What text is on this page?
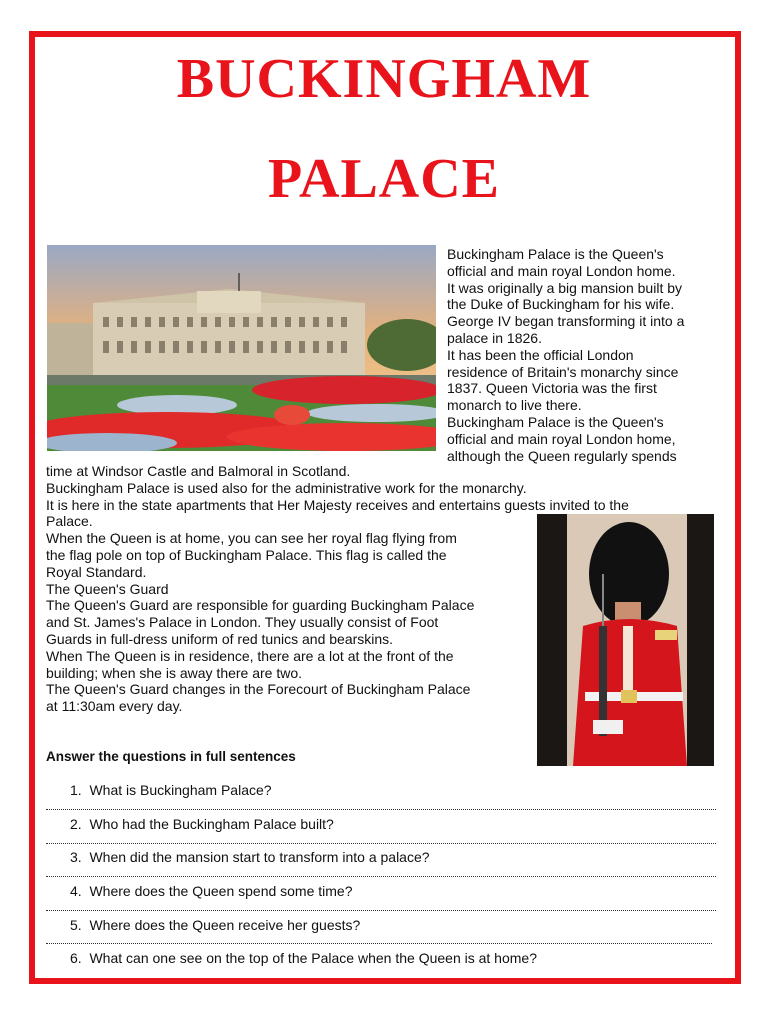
BUCKINGHAM
PALACE
Buckingham Palace is the Queen's
official and main royal London home.
It was originally a big mansion built by
the Duke of Buckingham for his wife.
George IV began transforming it into a
palace in 1826.
It has been the official London
residence of Britain's monarchy since
1837. Queen Victoria was the first
monarch to live there.
Buckingham Palace is the Queen's
official and main royal London home,
although the Queen regularly spends
time at Windsor Castle and Balmoral in Scotland.
Buckingham Palace is used also for the administrative work for the monarchy.
It is here in the state apartments that Her Majesty receives and entertains guests invited to the
Palace.
When the Queen is at home, you can see her royal flag flying from
the flag pole on top of Buckingham Palace. This flag is called the
Royal Standard.
The Queen's Guard
The Queen's Guard are responsible for guarding Buckingham Palace
and St. James's Palace in London. They usually consist of Foot
Guards in full-dress uniform of red tunics and bearskins.
When The Queen is in residence, there are a lot at the front of the
building; when she is away there are two.
The Queen's Guard changes in the Forecourt of Buckingham Palace
at 11:30am every day.
Answer the questions in full sentences
1. What is Buckingham Palace?
2. Who had the Buckingham Palace built?
3. When did the mansion start to transform into a palace?
4. Where does the Queen spend some time?
5. Where does the Queen receive her guests?
6. What can one see on the top of the Palace when the Queen is at home?
